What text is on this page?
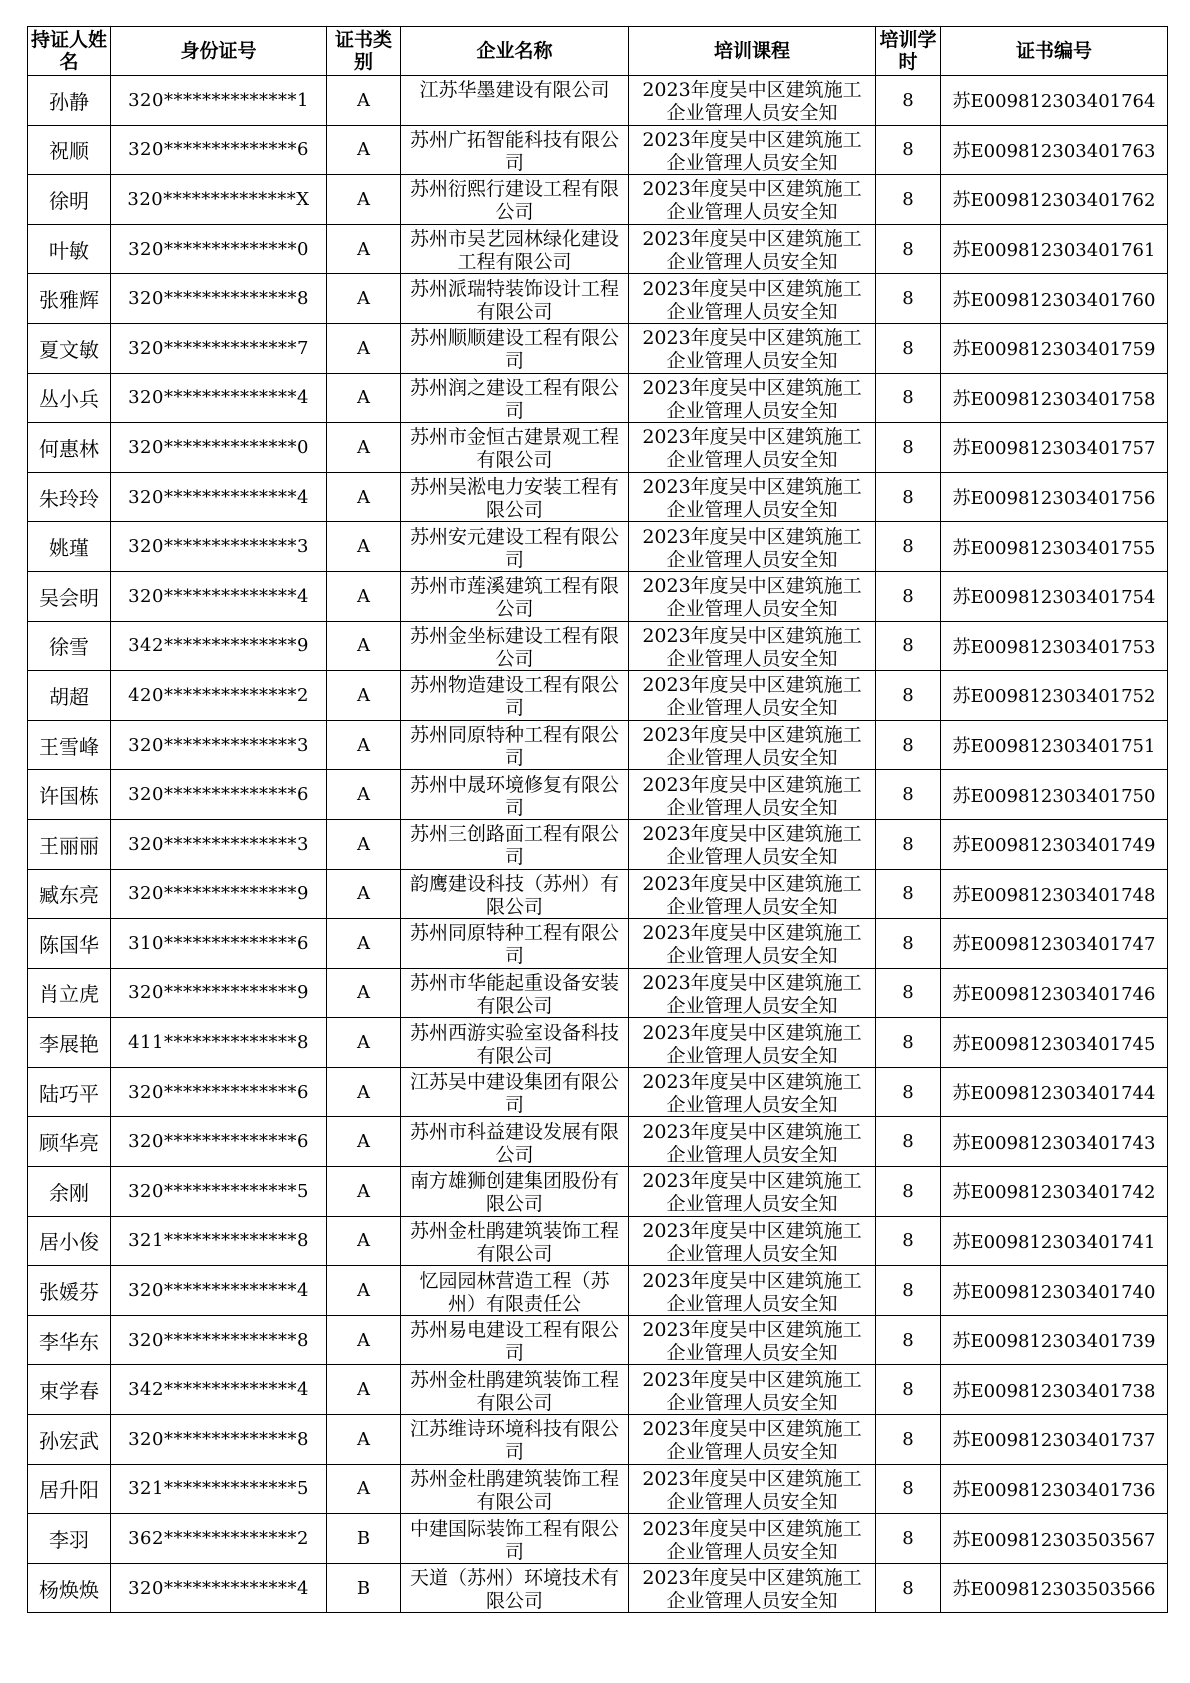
持证人姓名	身份证号	证书类别	企业名称	培训课程	培训学时	证书编号

孙静	320**************1	A	江苏华墨建设有限公司	2023年度吴中区建筑施工企业管理人员安全知	8	苏E009812303401764

祝顺	320**************6	A	苏州广拓智能科技有限公司	2023年度吴中区建筑施工企业管理人员安全知	8	苏E009812303401763

徐明	320**************X	A	苏州衍熙行建设工程有限公司	2023年度吴中区建筑施工企业管理人员安全知	8	苏E009812303401762

叶敏	320**************0	A	苏州市吴艺园林绿化建设工程有限公司	2023年度吴中区建筑施工企业管理人员安全知	8	苏E009812303401761

张雅辉	320**************8	A	苏州派瑞特装饰设计工程有限公司	2023年度吴中区建筑施工企业管理人员安全知	8	苏E009812303401760

夏文敏	320**************7	A	苏州顺顺建设工程有限公司	2023年度吴中区建筑施工企业管理人员安全知	8	苏E009812303401759

丛小兵	320**************4	A	苏州润之建设工程有限公司	2023年度吴中区建筑施工企业管理人员安全知	8	苏E009812303401758

何惠林	320**************0	A	苏州市金恒古建景观工程有限公司	2023年度吴中区建筑施工企业管理人员安全知	8	苏E009812303401757

朱玲玲	320**************4	A	苏州吴淞电力安装工程有限公司	2023年度吴中区建筑施工企业管理人员安全知	8	苏E009812303401756

姚瑾	320**************3	A	苏州安元建设工程有限公司	2023年度吴中区建筑施工企业管理人员安全知	8	苏E009812303401755

吴会明	320**************4	A	苏州市莲溪建筑工程有限公司	2023年度吴中区建筑施工企业管理人员安全知	8	苏E009812303401754

徐雪	342**************9	A	苏州金坐标建设工程有限公司	2023年度吴中区建筑施工企业管理人员安全知	8	苏E009812303401753

胡超	420**************2	A	苏州物造建设工程有限公司	2023年度吴中区建筑施工企业管理人员安全知	8	苏E009812303401752

王雪峰	320**************3	A	苏州同原特种工程有限公司	2023年度吴中区建筑施工企业管理人员安全知	8	苏E009812303401751

许国栋	320**************6	A	苏州中晟环境修复有限公司	2023年度吴中区建筑施工企业管理人员安全知	8	苏E009812303401750

王丽丽	320**************3	A	苏州三创路面工程有限公司	2023年度吴中区建筑施工企业管理人员安全知	8	苏E009812303401749

臧东亮	320**************9	A	韵鹰建设科技（苏州）有限公司	2023年度吴中区建筑施工企业管理人员安全知	8	苏E009812303401748

陈国华	310**************6	A	苏州同原特种工程有限公司	2023年度吴中区建筑施工企业管理人员安全知	8	苏E009812303401747

肖立虎	320**************9	A	苏州市华能起重设备安装有限公司	2023年度吴中区建筑施工企业管理人员安全知	8	苏E009812303401746

李展艳	411**************8	A	苏州西游实验室设备科技有限公司	2023年度吴中区建筑施工企业管理人员安全知	8	苏E009812303401745

陆巧平	320**************6	A	江苏吴中建设集团有限公司	2023年度吴中区建筑施工企业管理人员安全知	8	苏E009812303401744

顾华亮	320**************6	A	苏州市科益建设发展有限公司	2023年度吴中区建筑施工企业管理人员安全知	8	苏E009812303401743

余刚	320**************5	A	南方雄狮创建集团股份有限公司	2023年度吴中区建筑施工企业管理人员安全知	8	苏E009812303401742

居小俊	321**************8	A	苏州金杜鹃建筑装饰工程有限公司	2023年度吴中区建筑施工企业管理人员安全知	8	苏E009812303401741

张媛芬	320**************4	A	忆园园林营造工程（苏州）有限责任公	2023年度吴中区建筑施工企业管理人员安全知	8	苏E009812303401740

李华东	320**************8	A	苏州易电建设工程有限公司	2023年度吴中区建筑施工企业管理人员安全知	8	苏E009812303401739

束学春	342**************4	A	苏州金杜鹃建筑装饰工程有限公司	2023年度吴中区建筑施工企业管理人员安全知	8	苏E009812303401738

孙宏武	320**************8	A	江苏维诗环境科技有限公司	2023年度吴中区建筑施工企业管理人员安全知	8	苏E009812303401737

居升阳	321**************5	A	苏州金杜鹃建筑装饰工程有限公司	2023年度吴中区建筑施工企业管理人员安全知	8	苏E009812303401736

李羽	362**************2	B	中建国际装饰工程有限公司	2023年度吴中区建筑施工企业管理人员安全知	8	苏E009812303503567

杨焕焕	320**************4	B	天道（苏州）环境技术有限公司	2023年度吴中区建筑施工企业管理人员安全知	8	苏E009812303503566
